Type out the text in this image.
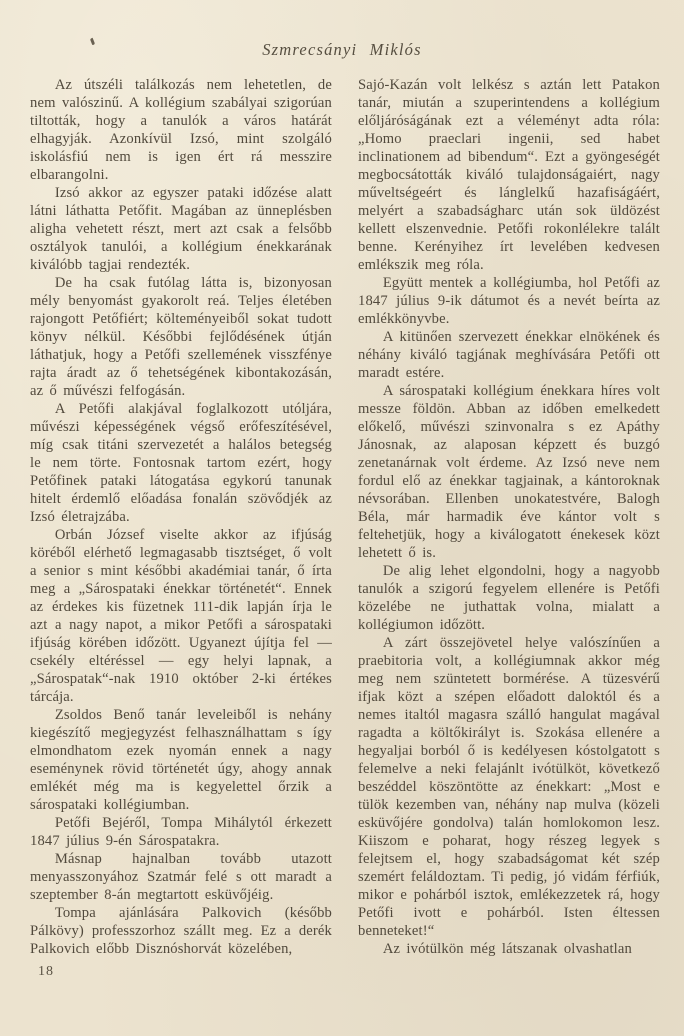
Szmrecsányi Miklós

Az útszéli találkozás nem lehetetlen, de nem valószinű. A kollégium szabályai szigorúan tiltották, hogy a tanulók a város határát elhagyják. Azonkívül Izsó, mint szolgáló iskolásfiú nem is igen ért rá messzire elbarangolni.

Izsó akkor az egyszer pataki időzése alatt látni láthatta Petőfit. Magában az ünneplésben aligha vehetett részt, mert azt csak a felsőbb osztályok tanulói, a kollégium énekkarának kiválóbb tagjai rendezték.

De ha csak futólag látta is, bizonyosan mély benyomást gyakorolt reá. Teljes életében rajongott Petőfiért; költeményeiből sokat tudott könyv nélkül. Későbbi fejlődésének útján láthatjuk, hogy a Petőfi szellemének visszfénye rajta áradt az ő tehetségének kibontakozásán, az ő művészi felfogásán.

A Petőfi alakjával foglalkozott utóljára, művészi képességének végső erőfeszítésével, míg csak titáni szervezetét a halálos betegség le nem törte. Fontosnak tartom ezért, hogy Petőfinek pataki látogatása egykorú tanunak hitelt érdemlő előadása fonalán szövődjék az Izsó életrajzába.

Orbán József viselte akkor az ifjúság köréből elérhető legmagasabb tisztséget, ő volt a senior s mint későbbi akadémiai tanár, ő írta meg a „Sárospataki énekkar történetét“. Ennek az érdekes kis füzetnek 111-dik lapján írja le azt a nagy napot, a mikor Petőfi a sárospataki ifjúság körében időzött. Ugyanezt újítja fel — csekély eltéréssel — egy helyi lapnak, a „Sárospatak“-nak 1910 október 2-ki értékes tárcája.

Zsoldos Benő tanár leveleiből is nehány kiegészítő megjegyzést felhasználhattam s így elmondhatom ezek nyomán ennek a nagy eseménynek rövid történetét úgy, ahogy annak emlékét még ma is kegyelettel őrzik a sárospataki kollégiumban.

Petőfi Bejéről, Tompa Mihálytól érkezett 1847 július 9-én Sárospatakra.

Másnap hajnalban tovább utazott menyasszonyához Szatmár felé s ott maradt a szeptember 8-án megtartott esküvőjéig.

Tompa ajánlására Palkovich (később Pálkövy) professzorhoz szállt meg. Ez a derék Palkovich előbb Disznóshorvát közelében,

Sajó-Kazán volt lelkész s aztán lett Patakon tanár, miután a szuperintendens a kollégium előljáróságának ezt a véleményt adta róla: „Homo praeclari ingenii, sed habet inclinationem ad bibendum“. Ezt a gyöngeségét megbocsátották kiváló tulajdonságaiért, nagy műveltségeért és lánglelkű hazafiságáért, melyért a szabadságharc után sok üldözést kellett elszenvednie. Petőfi rokonlélekre talált benne. Kerényihez írt levelében kedvesen emlékszik meg róla.

Együtt mentek a kollégiumba, hol Petőfi az 1847 július 9-ik dátumot és a nevét beírta az emlékkönyvbe.

A kitünően szervezett énekkar elnökének és néhány kiváló tagjának meghívására Petőfi ott maradt estére.

A sárospataki kollégium énekkara híres volt messze földön. Abban az időben emelkedett előkelő, művészi szinvonalra s ez Apáthy Jánosnak, az alaposan képzett és buzgó zenetanárnak volt érdeme. Az Izsó neve nem fordul elő az énekkar tagjainak, a kántoroknak névsorában. Ellenben unokatestvére, Balogh Béla, már harmadik éve kántor volt s feltehetjük, hogy a kiválogatott énekesek közt lehetett ő is.

De alig lehet elgondolni, hogy a nagyobb tanulók a szigorú fegyelem ellenére is Petőfi közelébe ne juthattak volna, mialatt a kollégiumon időzött.

A zárt összejövetel helye valószínűen a praebitoria volt, a kollégiumnak akkor még meg nem szüntetett bormérése. A tüzesvérű ifjak közt a szépen előadott daloktól és a nemes italtól magasra szálló hangulat magával ragadta a költőkirályt is. Szokása ellenére a hegyaljai borból ő is kedélyesen kóstolgatott s felemelve a neki felajánlt ivótülköt, következő beszéddel köszöntötte az énekkart: „Most e tülök kezemben van, néhány nap mulva (közeli esküvőjére gondolva) talán homlokomon lesz. Kiiszom e poharat, hogy részeg legyek s felejtsem el, hogy szabadságomat két szép szemért feláldoztam. Ti pedig, jó vidám férfiúk, mikor e pohárból isztok, emlékezzetek rá, hogy Petőfi ivott e pohárból. Isten éltessen benneteket!“

Az ivótülkön még látszanak olvashatlan

18
